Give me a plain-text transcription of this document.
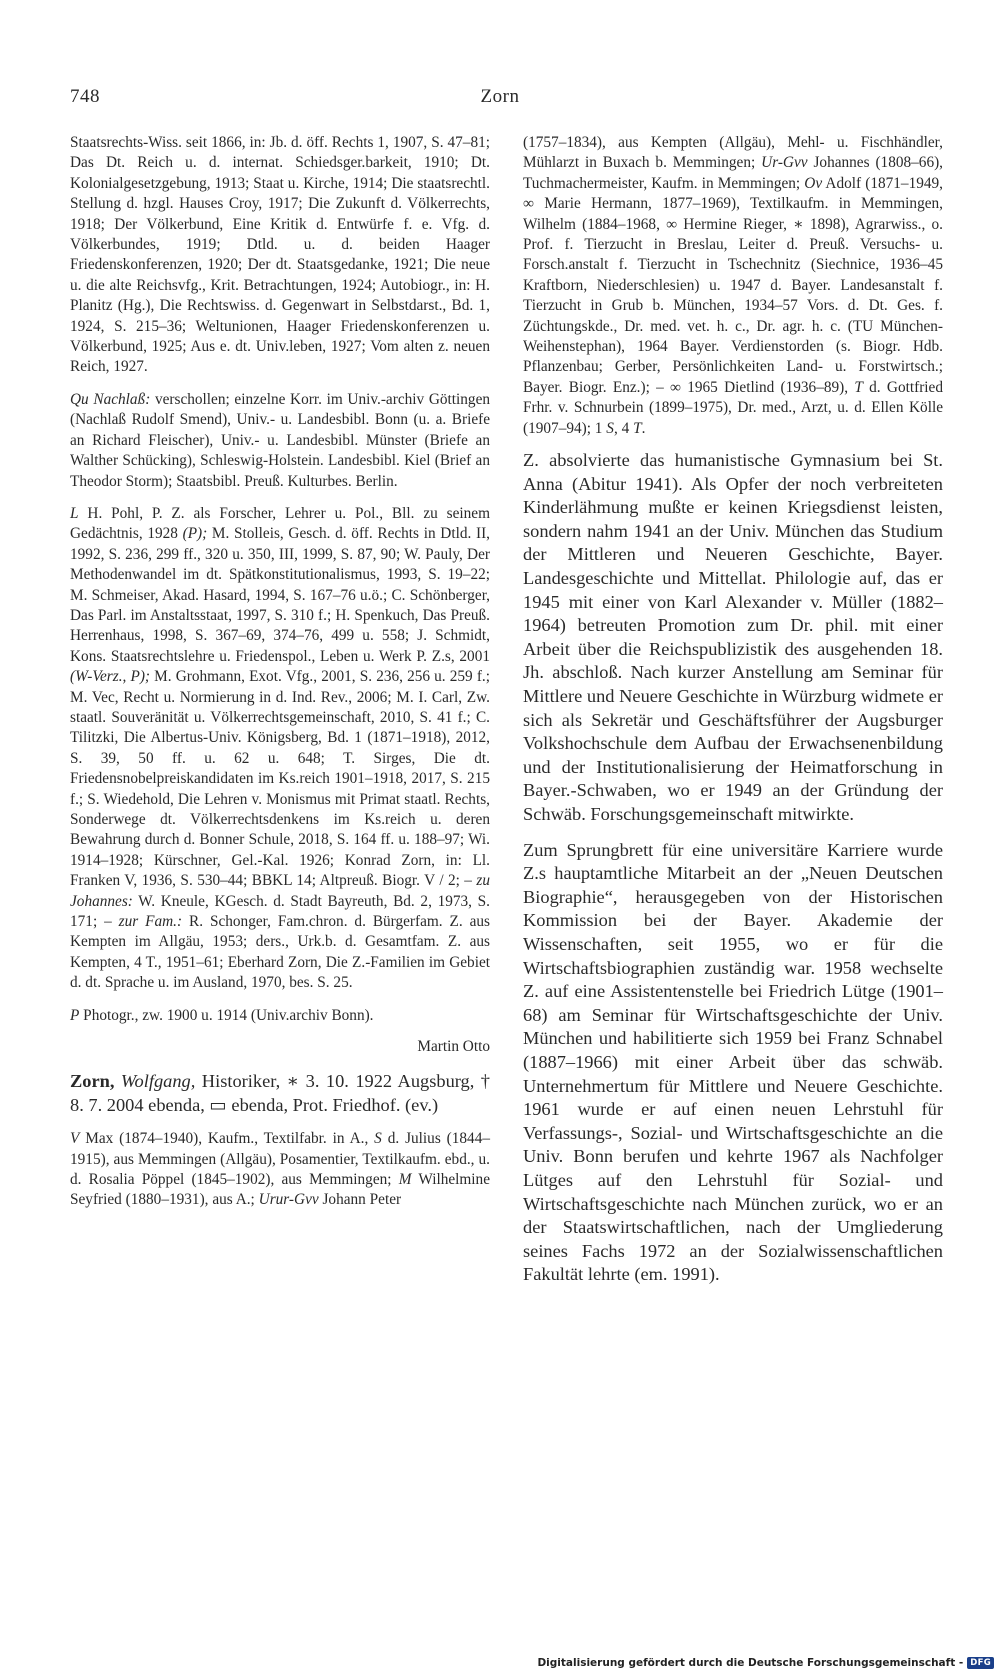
748	Zorn

Staatsrechts-Wiss. seit 1866, in: Jb. d. öff. Rechts 1, 1907, S. 47–81; Das Dt. Reich u. d. internat. Schiedsger.barkeit, 1910; Dt. Kolonialgesetzgebung, 1913; Staat u. Kirche, 1914; Die staatsrechtl. Stellung d. hzgl. Hauses Croy, 1917; Die Zukunft d. Völkerrechts, 1918; Der Völkerbund, Eine Kritik d. Entwürfe f. e. Vfg. d. Völkerbundes, 1919; Dtld. u. d. beiden Haager Friedenskonferenzen, 1920; Der dt. Staatsgedanke, 1921; Die neue u. die alte Reichsvfg., Krit. Betrachtungen, 1924; Autobiogr., in: H. Planitz (Hg.), Die Rechtswiss. d. Gegenwart in Selbstdarst., Bd. 1, 1924, S. 215–36; Weltunionen, Haager Friedenskonferenzen u. Völkerbund, 1925; Aus e. dt. Univ.leben, 1927; Vom alten z. neuen Reich, 1927.

Qu Nachlaß: verschollen; einzelne Korr. im Univ.-archiv Göttingen (Nachlaß Rudolf Smend), Univ.- u. Landesbibl. Bonn (u. a. Briefe an Richard Fleischer), Univ.- u. Landesbibl. Münster (Briefe an Walther Schücking), Schleswig-Holstein. Landesbibl. Kiel (Brief an Theodor Storm); Staatsbibl. Preuß. Kulturbes. Berlin.

L H. Pohl, P. Z. als Forscher, Lehrer u. Pol., Bll. zu seinem Gedächtnis, 1928 (P); M. Stolleis, Gesch. d. öff. Rechts in Dtld. II, 1992, S. 236, 299 ff., 320 u. 350, III, 1999, S. 87, 90; W. Pauly, Der Methodenwandel im dt. Spätkonstitutionalismus, 1993, S. 19–22; M. Schmeiser, Akad. Hasard, 1994, S. 167–76 u.ö.; C. Schönberger, Das Parl. im Anstaltsstaat, 1997, S. 310 f.; H. Spenkuch, Das Preuß. Herrenhaus, 1998, S. 367–69, 374–76, 499 u. 558; J. Schmidt, Kons. Staatsrechtslehre u. Friedenspol., Leben u. Werk P. Z.s, 2001 (W-Verz., P); M. Grohmann, Exot. Vfg., 2001, S. 236, 256 u. 259 f.; M. Vec, Recht u. Normierung in d. Ind. Rev., 2006; M. I. Carl, Zw. staatl. Souveränität u. Völkerrechtsgemeinschaft, 2010, S. 41 f.; C. Tilitzki, Die Albertus-Univ. Königsberg, Bd. 1 (1871–1918), 2012, S. 39, 50 ff. u. 62 u. 648; T. Sirges, Die dt. Friedensnobelpreiskandidaten im Ks.reich 1901–1918, 2017, S. 215 f.; S. Wiedehold, Die Lehren v. Monismus mit Primat staatl. Rechts, Sonderwege dt. Völkerrechtsdenkens im Ks.reich u. deren Bewahrung durch d. Bonner Schule, 2018, S. 164 ff. u. 188–97; Wi. 1914–1928; Kürschner, Gel.-Kal. 1926; Konrad Zorn, in: Ll. Franken V, 1936, S. 530–44; BBKL 14; Altpreuß. Biogr. V / 2; – zu Johannes: W. Kneule, KGesch. d. Stadt Bayreuth, Bd. 2, 1973, S. 171; – zur Fam.: R. Schonger, Fam.chron. d. Bürgerfam. Z. aus Kempten im Allgäu, 1953; ders., Urk.b. d. Gesamtfam. Z. aus Kempten, 4 T., 1951–61; Eberhard Zorn, Die Z.-Familien im Gebiet d. dt. Sprache u. im Ausland, 1970, bes. S. 25.

P Photogr., zw. 1900 u. 1914 (Univ.archiv Bonn).

Martin Otto
Zorn, Wolfgang, Historiker, ∗ 3. 10. 1922 Augsburg, † 8. 7. 2004 ebenda, ▭ ebenda, Prot. Friedhof. (ev.)

V Max (1874–1940), Kaufm., Textilfabr. in A., S d. Julius (1844–1915), aus Memmingen (Allgäu), Posamentier, Textilkaufm. ebd., u. d. Rosalia Pöppel (1845–1902), aus Memmingen; M Wilhelmine Seyfried (1880–1931), aus A.; Urur-Gvv Johann Peter

(1757–1834), aus Kempten (Allgäu), Mehl- u. Fischhändler, Mühlarzt in Buxach b. Memmingen; Ur-Gvv Johannes (1808–66), Tuchmachermeister, Kaufm. in Memmingen; Ov Adolf (1871–1949, ∞ Marie Hermann, 1877–1969), Textilkaufm. in Memmingen, Wilhelm (1884–1968, ∞ Hermine Rieger, ∗ 1898), Agrarwiss., o. Prof. f. Tierzucht in Breslau, Leiter d. Preuß. Versuchs- u. Forsch.anstalt f. Tierzucht in Tschechnitz (Siechnice, 1936–45 Kraftborn, Niederschlesien) u. 1947 d. Bayer. Landesanstalt f. Tierzucht in Grub b. München, 1934–57 Vors. d. Dt. Ges. f. Züchtungskde., Dr. med. vet. h. c., Dr. agr. h. c. (TU München-Weihenstephan), 1964 Bayer. Verdienstorden (s. Biogr. Hdb. Pflanzenbau; Gerber, Persönlichkeiten Land- u. Forstwirtsch.; Bayer. Biogr. Enz.); – ∞ 1965 Dietlind (1936–89), T d. Gottfried Frhr. v. Schnurbein (1899–1975), Dr. med., Arzt, u. d. Ellen Kölle (1907–94); 1 S, 4 T.

Z. absolvierte das humanistische Gymnasium bei St. Anna (Abitur 1941). Als Opfer der noch verbreiteten Kinderlähmung mußte er keinen Kriegsdienst leisten, sondern nahm 1941 an der Univ. München das Studium der Mittleren und Neueren Geschichte, Bayer. Landesgeschichte und Mittellat. Philologie auf, das er 1945 mit einer von Karl Alexander v. Müller (1882–1964) betreuten Promotion zum Dr. phil. mit einer Arbeit über die Reichspublizistik des ausgehenden 18. Jh. abschloß. Nach kurzer Anstellung am Seminar für Mittlere und Neuere Geschichte in Würzburg widmete er sich als Sekretär und Geschäftsführer der Augsburger Volkshochschule dem Aufbau der Erwachsenenbildung und der Institutionalisierung der Heimatforschung in Bayer.-Schwaben, wo er 1949 an der Gründung der Schwäb. Forschungsgemeinschaft mitwirkte.

Zum Sprungbrett für eine universitäre Karriere wurde Z.s hauptamtliche Mitarbeit an der „Neuen Deutschen Biographie“, herausgegeben von der Historischen Kommission bei der Bayer. Akademie der Wissenschaften, seit 1955, wo er für die Wirtschaftsbiographien zuständig war. 1958 wechselte Z. auf eine Assistentenstelle bei Friedrich Lütge (1901–68) am Seminar für Wirtschaftsgeschichte der Univ. München und habilitierte sich 1959 bei Franz Schnabel (1887–1966) mit einer Arbeit über das schwäb. Unternehmertum für Mittlere und Neuere Geschichte. 1961 wurde er auf einen neuen Lehrstuhl für Verfassungs-, Sozial- und Wirtschaftsgeschichte an die Univ. Bonn berufen und kehrte 1967 als Nachfolger Lütges auf den Lehrstuhl für Sozial- und Wirtschaftsgeschichte nach München zurück, wo er an der Staatswirtschaftlichen, nach der Umgliederung seines Fachs 1972 an der Sozialwissenschaftlichen Fakultät lehrte (em. 1991).

Digitalisierung gefördert durch die Deutsche Forschungsgemeinschaft - DFG
